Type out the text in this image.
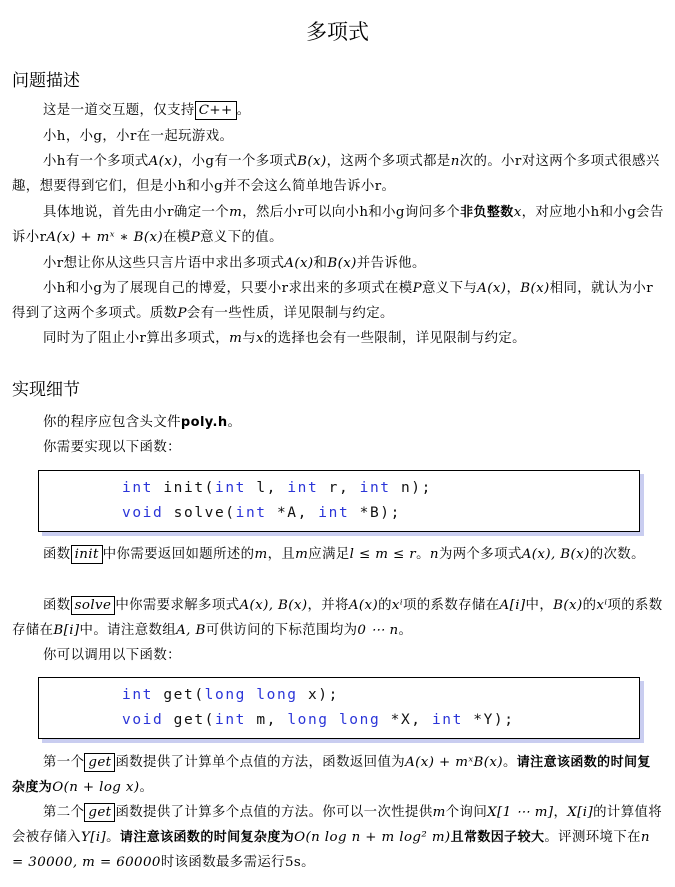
多项式
问题描述
这是一道交互题，仅支持 C++ 。
小h，小g，小r在一起玩游戏。
小h有一个多项式A(x)，小g有一个多项式B(x)，这两个多项式都是n次的。小r对这两个多项式很感兴趣，想要得到它们，但是小h和小g并不会这么简单地告诉小r。
具体地说，首先由小r确定一个m，然后小r可以向小h和小g询问多个非负整数x，对应地小h和小g会告诉小rA(x) + mˣ ∗ B(x)在模P意义下的值。
小r想让你从这些只言片语中求出多项式A(x)和B(x)并告诉他。
小h和小g为了展现自己的博爱，只要小r求出来的多项式在模P意义下与A(x)，B(x)相同，就认为小r得到了这两个多项式。质数P会有一些性质，详见限制与约定。
同时为了阻止小r算出多项式，m与x的选择也会有一些限制，详见限制与约定。
实现细节
你的程序应包含头文件poly.h。
你需要实现以下函数：
int init(int l, int r, int n);
void solve(int *A, int *B);
函数 init 中你需要返回如题所述的m，且m应满足l ≤ m ≤ r。n为两个多项式A(x), B(x)的次数。
函数 solve 中你需要求解多项式A(x), B(x)，并将A(x)的xⁱ项的系数存储在A[i]中，B(x)的xⁱ项的系数存储在B[i]中。请注意数组A, B可供访问的下标范围均为0 ⋯ n。
你可以调用以下函数：
int get(long long x);
void get(int m, long long *X, int *Y);
第一个 get 函数提供了计算单个点值的方法，函数返回值为A(x) + mˣB(x)。请注意该函数的时间复杂度为O(n + log x)。
第二个 get 函数提供了计算多个点值的方法。你可以一次性提供m个询问X[1 ⋯ m]，X[i]的计算值将会被存储入Y[i]。请注意该函数的时间复杂度为O(n log n + m log² m)且常数因子较大。评测环境下在n = 30000, m = 60000时该函数最多需运行5s。
